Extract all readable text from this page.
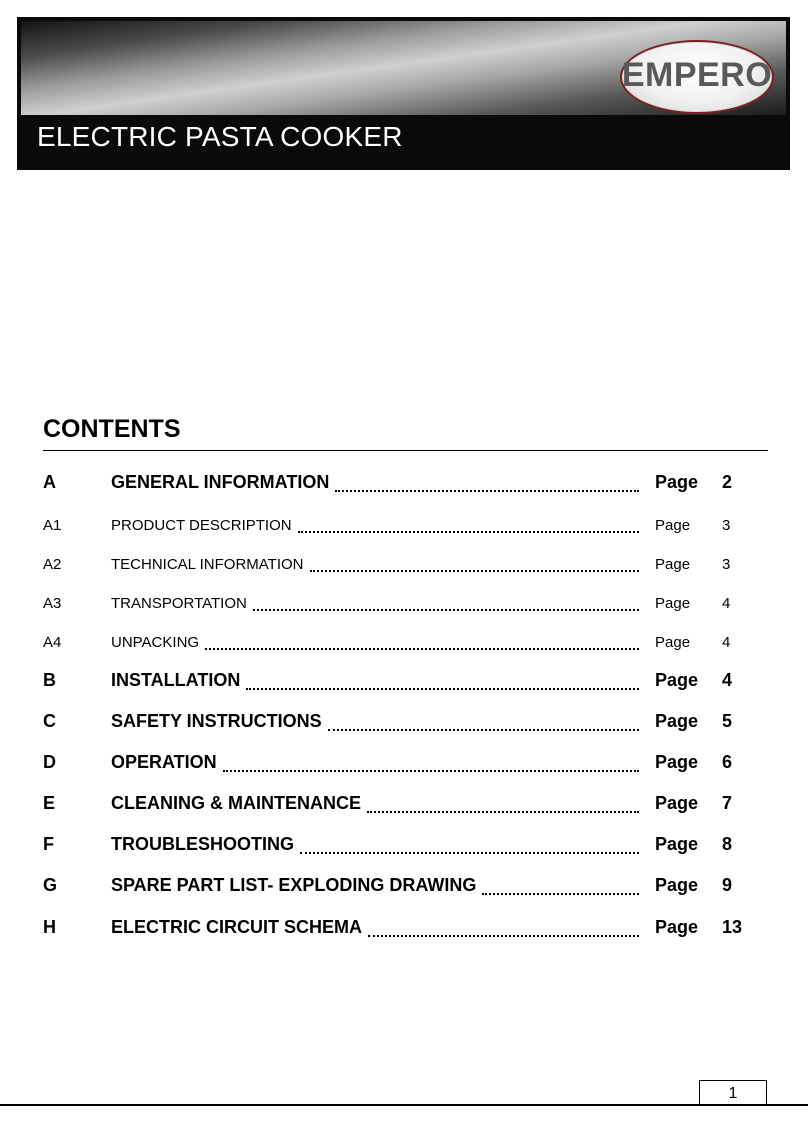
EMPERO
ELECTRIC PASTA COOKER
CONTENTS
A	GENERAL INFORMATION	Page 2
A1	PRODUCT DESCRIPTION	Page 3
A2	TECHNICAL INFORMATION	Page 3
A3	TRANSPORTATION	Page 4
A4	UNPACKING	Page 4
B	INSTALLATION	Page 4
C	SAFETY INSTRUCTIONS	Page 5
D	OPERATION	Page 6
E	CLEANING & MAINTENANCE	Page 7
F	TROUBLESHOOTING	Page 8
G	SPARE PART LIST- EXPLODING DRAWING	Page 9
H	ELECTRIC CIRCUIT SCHEMA	Page 13
1
